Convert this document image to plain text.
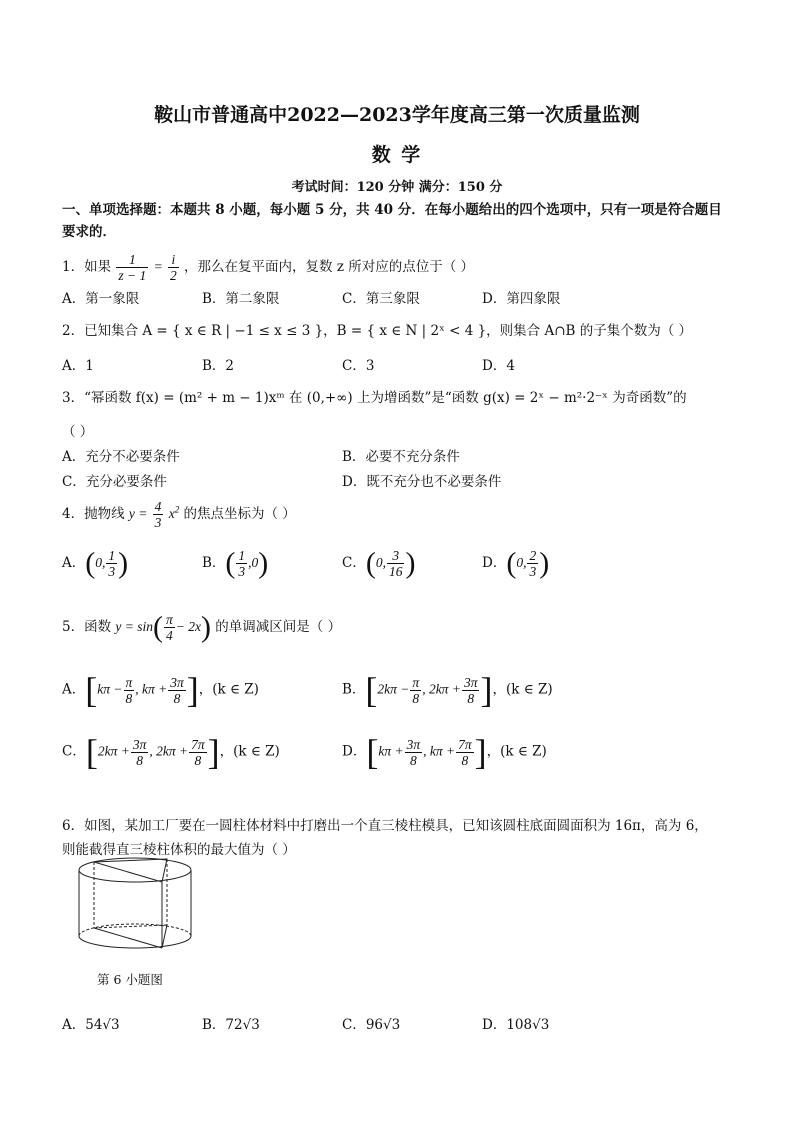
鞍山市普通高中2022—2023学年度高三第一次质量监测
数 学
考试时间：120 分钟 满分：150 分
一、单项选择题：本题共 8 小题，每小题 5 分，共 40 分．在每小题给出的四个选项中，只有一项是符合题目
要求的．
1．如果 $\frac{1}{z - 1} = \frac{i}{2}$ ，那么在复平面内，复数 z 所对应的点位于（ ）
A．第一象限	B．第二象限	C．第三象限	D．第四象限
2．已知集合 A = { x ∈ R | −1 ≤ x ≤ 3 }，B = { x ∈ N | 2ˣ < 4 }，则集合 A∩B 的子集个数为（ ）
A．1	B．2	C．3	D．4
3．“幂函数 f(x) = (m² + m − 1)xᵐ 在 (0,+∞) 上为增函数”是“函数 g(x) = 2ˣ − m²·2⁻ˣ 为奇函数”的
（ ）
A．充分不必要条件	B．必要不充分条件
C．充分必要条件	D．既不充分也不必要条件
4．抛物线 $y = \frac{4}{3} x^2$ 的焦点坐标为（ ）
A．(0, $\frac{1}{3}$ )	B．( $\frac{1}{3} ,0$)	C．(0, $\frac{3}{16}$ )	D．(0, $\frac{2}{3}$ )
5．函数 $y = \sin( \frac{\pi}{4} - 2x)$ 的单调减区间是（ ）
A．[$k\pi - \frac{\pi}{8}$ , $k\pi + \frac{3\pi}{8}$ ]，(k ∈ Z)	B．[$2k\pi - \frac{\pi}{8}$ , $2k\pi + \frac{3\pi}{8}$ ]，(k ∈ Z)
C．[$2k\pi + \frac{3\pi}{8}$ , $2k\pi + \frac{7\pi}{8}$ ]，(k ∈ Z)	D．[$k\pi + \frac{3\pi}{8}$ , $k\pi + \frac{7\pi}{8}$ ]，(k ∈ Z)
6．如图，某加工厂要在一圆柱体材料中打磨出一个直三棱柱模具，已知该圆柱底面圆面积为 16π，高为 6，
则能截得直三棱柱体积的最大值为（ ）
第 6 小题图
A．54√3	B．72√3	C．96√3	D．108√3
